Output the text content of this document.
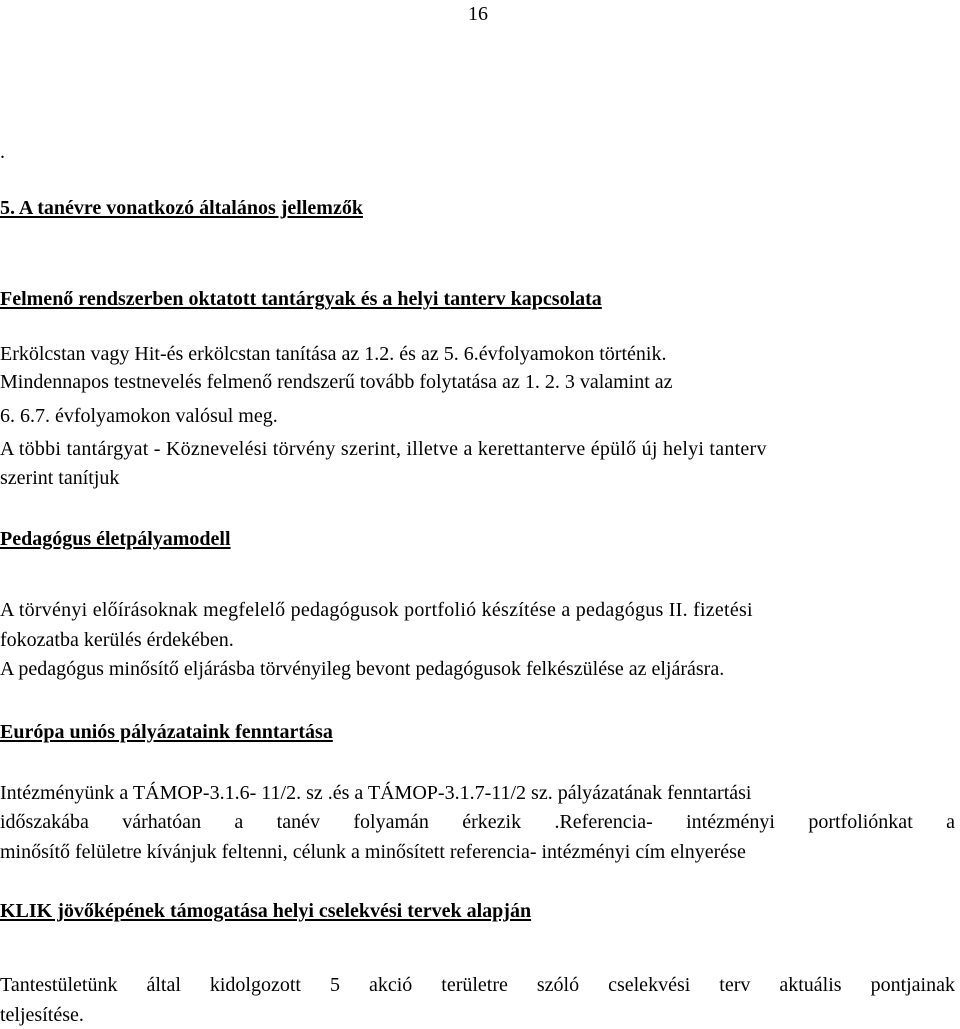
16

.

5. A tanévre vonatkozó általános jellemzők

Felmenő rendszerben oktatott tantárgyak és a helyi tanterv kapcsolata

Erkölcstan vagy Hit-és erkölcstan tanítása az 1.2. és az 5. 6.évfolyamokon történik.

Mindennapos testnevelés felmenő rendszerű tovább folytatása az 1. 2. 3 valamint az

6. 6.7. évfolyamokon valósul meg.

A többi tantárgyat - Köznevelési törvény szerint, illetve a kerettanterve épülő új helyi tanterv

szerint tanítjuk

Pedagógus életpályamodell

A törvényi előírásoknak megfelelő pedagógusok portfolió készítése a pedagógus II. fizetési

fokozatba kerülés érdekében.

A pedagógus minősítő eljárásba törvényileg bevont pedagógusok felkészülése az eljárásra.

Európa uniós pályázataink fenntartása

Intézményünk a TÁMOP-3.1.6- 11/2. sz .és a TÁMOP-3.1.7-11/2 sz. pályázatának fenntartási

időszakába várhatóan a tanév folyamán érkezik .Referencia- intézményi portfoliónkat a

minősítő felületre kívánjuk feltenni, célunk a minősített referencia- intézményi cím elnyerése

KLIK jövőképének támogatása helyi cselekvési tervek alapján

Tantestületünk által kidolgozott 5 akció területre szóló cselekvési terv aktuális pontjainak

teljesítése.
